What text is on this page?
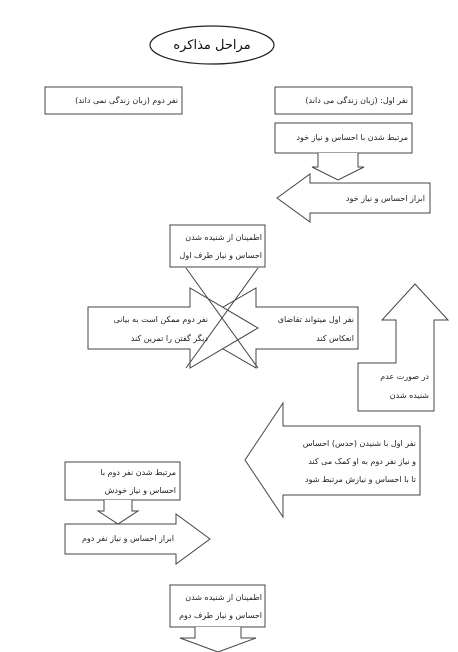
مراحل مذاکره
نفر اول: (زبان زندگی می داند)
نفر دوم (زبان زندگی نمی داند)
مرتبط شدن با احساس و نیاز خود
ابراز احساس و نیاز خود
اطمینان از شنیده شدن
احساس و نیاز طرف اول
نفر اول میتواند تقاضای
انعکاس کند
نفر دوم ممکن است به بیانی
دیگر گفتن را تمرین کند
در صورت عدم
شنیده شدن
نفر اول با شنیدن (حدس) احساس
و نیاز نفر دوم به او کمک می کند
تا با احساس و نیازش مرتبط شود
مرتبط شدن نفر دوم با
احساس و نیاز خودش
ابراز احساس و نیاز نفر دوم
اطمینان از شنیده شدن
احساس و نیاز طرف دوم
